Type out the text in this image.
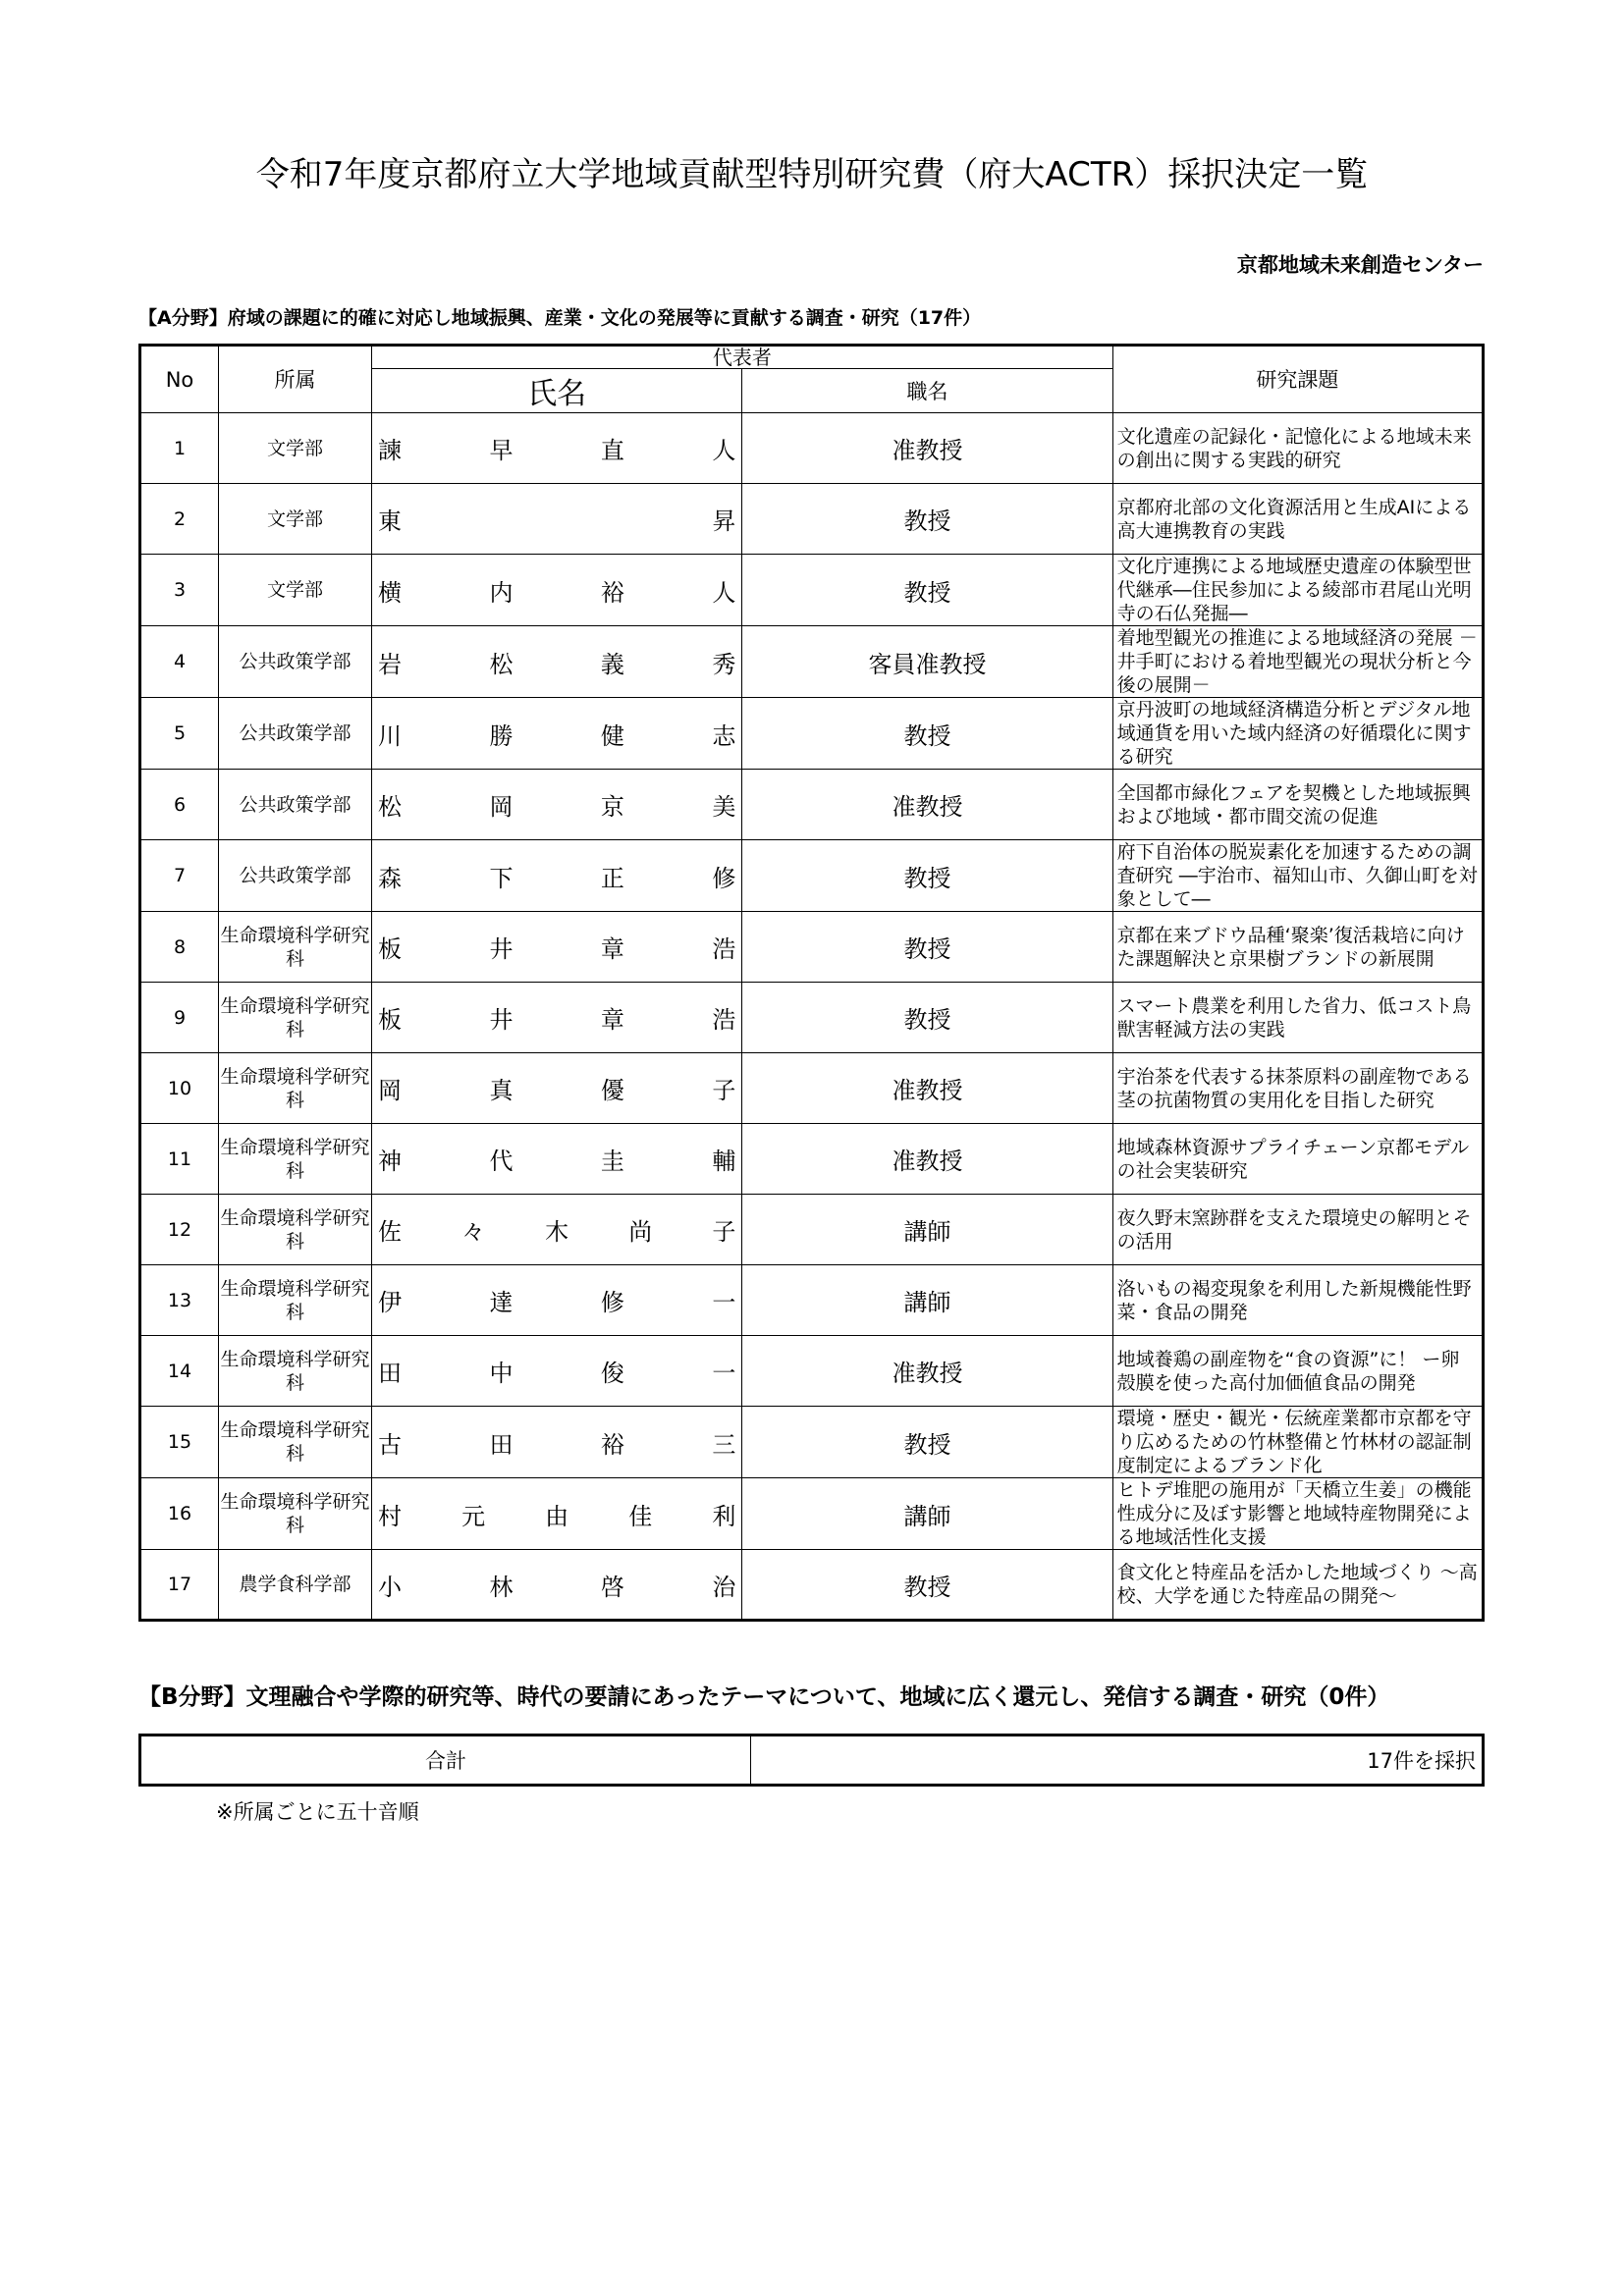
令和7年度京都府立大学地域貢献型特別研究費（府大ACTR）採択決定一覧
京都地域未来創造センター
【A分野】府域の課題に的確に対応し地域振興、産業・文化の発展等に貢献する調査・研究（17件）
No	所属	代表者		研究課題
		氏名	職名	
1	文学部	諫 早 直 人	准教授	文化遺産の記録化・記憶化による地域未来の創出に関する実践的研究
2	文学部	東 昇	教授	京都府北部の文化資源活用と生成AIによる高大連携教育の実践
3	文学部	横 内 裕 人	教授	文化庁連携による地域歴史遺産の体験型世代継承―住民参加による綾部市君尾山光明寺の石仏発掘―
4	公共政策学部	岩 松 義 秀	客員准教授	着地型観光の推進による地域経済の発展 －井手町における着地型観光の現状分析と今後の展開－
5	公共政策学部	川 勝 健 志	教授	京丹波町の地域経済構造分析とデジタル地域通貨を用いた域内経済の好循環化に関する研究
6	公共政策学部	松 岡 京 美	准教授	全国都市緑化フェアを契機とした地域振興および地域・都市間交流の促進
7	公共政策学部	森 下 正 修	教授	府下自治体の脱炭素化を加速するための調査研究 ―宇治市、福知山市、久御山町を対象として―
8	生命環境科学研究科	板 井 章 浩	教授	京都在来ブドウ品種‘聚楽’復活栽培に向けた課題解決と京果樹ブランドの新展開
9	生命環境科学研究科	板 井 章 浩	教授	スマート農業を利用した省力、低コスト鳥獣害軽減方法の実践
10	生命環境科学研究科	岡 真 優 子	准教授	宇治茶を代表する抹茶原料の副産物である茎の抗菌物質の実用化を目指した研究
11	生命環境科学研究科	神 代 圭 輔	准教授	地域森林資源サプライチェーン京都モデルの社会実装研究
12	生命環境科学研究科	佐 々 木 尚 子	講師	夜久野末窯跡群を支えた環境史の解明とその活用
13	生命環境科学研究科	伊 達 修 一	講師	洛いもの褐変現象を利用した新規機能性野菜・食品の開発
14	生命環境科学研究科	田 中 俊 一	准教授	地域養鶏の副産物を“食の資源”に！ ー卵殻膜を使った高付加価値食品の開発
15	生命環境科学研究科	古 田 裕 三	教授	環境・歴史・観光・伝統産業都市京都を守り広めるための竹林整備と竹林材の認証制度制定によるブランド化
16	生命環境科学研究科	村 元 由 佳 利	講師	ヒトデ堆肥の施用が「天橋立生姜」の機能性成分に及ぼす影響と地域特産物開発による地域活性化支援
17	農学食科学部	小 林 啓 治	教授	食文化と特産品を活かした地域づくり ～高校、大学を通じた特産品の開発～
【B分野】文理融合や学際的研究等、時代の要請にあったテーマについて、地域に広く還元し、発信する調査・研究（0件）
合計	17件を採択
※所属ごとに五十音順
